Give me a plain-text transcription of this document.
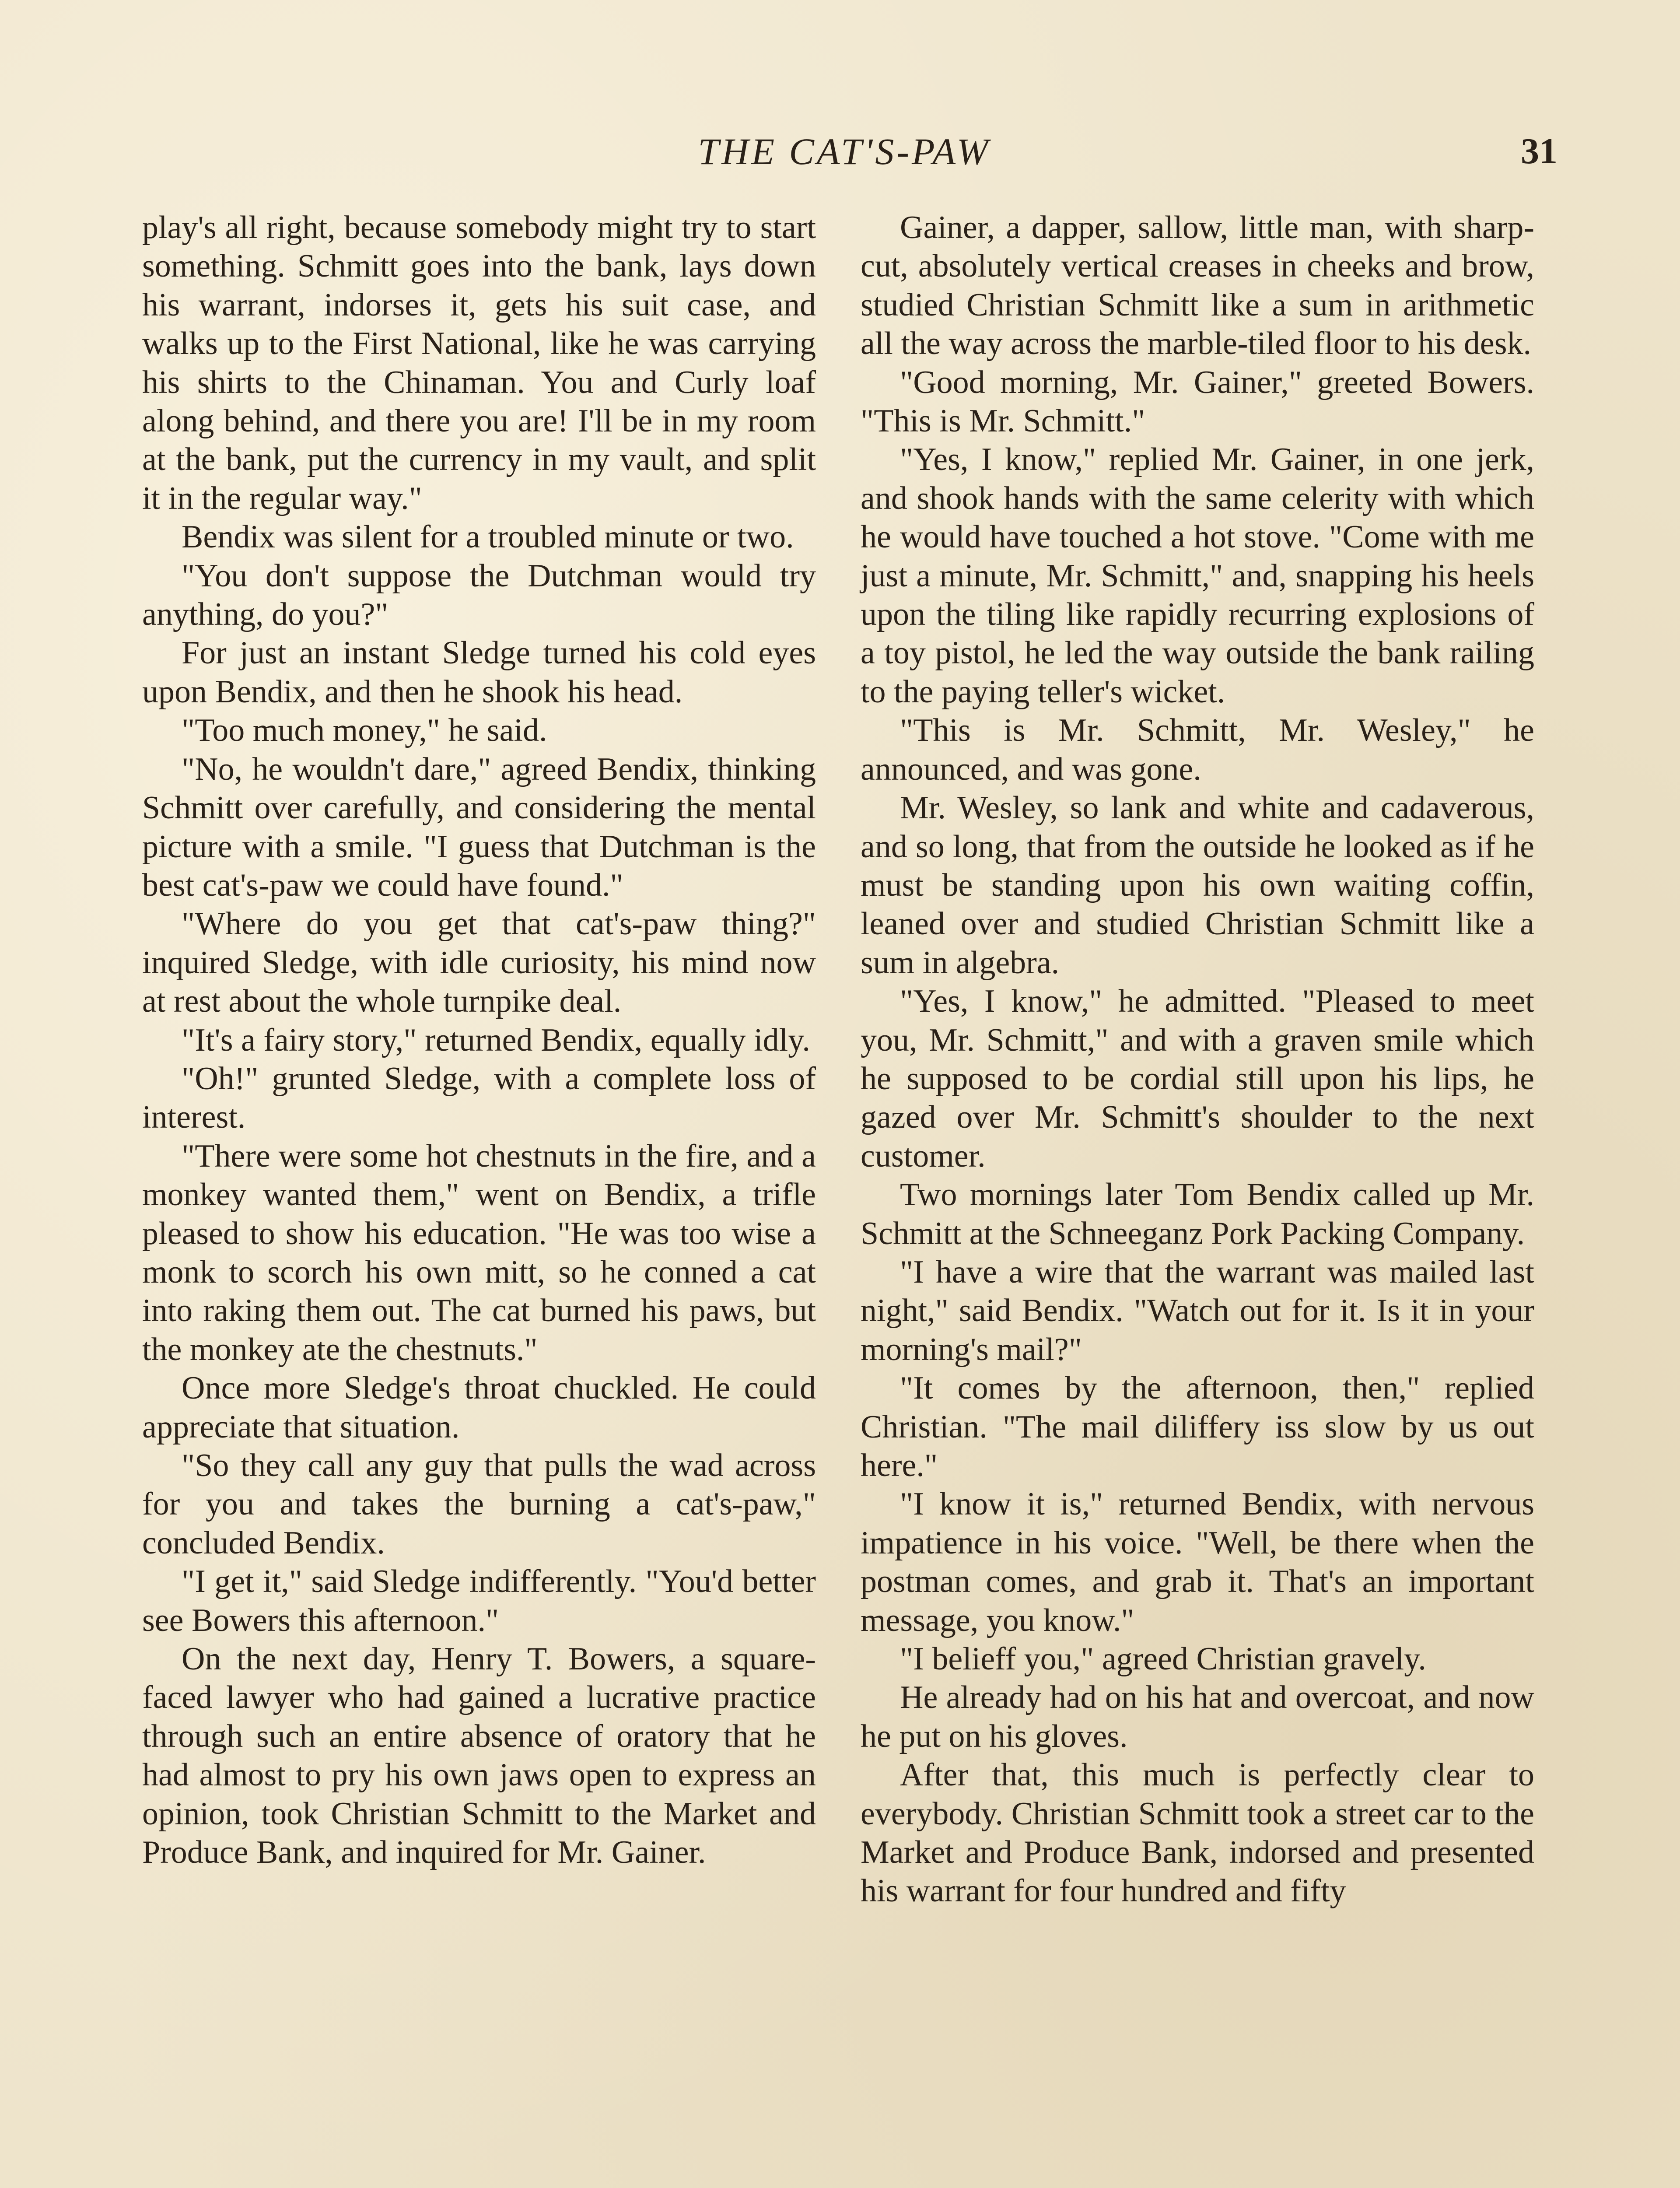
THE CAT'S-PAW	31

play's all right, because somebody might try to start something. Schmitt goes into the bank, lays down his warrant, indorses it, gets his suit case, and walks up to the First National, like he was carrying his shirts to the Chinaman. You and Curly loaf along behind, and there you are! I'll be in my room at the bank, put the currency in my vault, and split it in the regular way."

Bendix was silent for a troubled minute or two.

"You don't suppose the Dutchman would try anything, do you?"

For just an instant Sledge turned his cold eyes upon Bendix, and then he shook his head.

"Too much money," he said.

"No, he wouldn't dare," agreed Bendix, thinking Schmitt over carefully, and considering the mental picture with a smile. "I guess that Dutchman is the best cat's-paw we could have found."

"Where do you get that cat's-paw thing?" inquired Sledge, with idle curiosity, his mind now at rest about the whole turnpike deal.

"It's a fairy story," returned Bendix, equally idly.

"Oh!" grunted Sledge, with a complete loss of interest.

"There were some hot chestnuts in the fire, and a monkey wanted them," went on Bendix, a trifle pleased to show his education. "He was too wise a monk to scorch his own mitt, so he conned a cat into raking them out. The cat burned his paws, but the monkey ate the chestnuts."

Once more Sledge's throat chuckled. He could appreciate that situation.

"So they call any guy that pulls the wad across for you and takes the burning a cat's-paw," concluded Bendix.

"I get it," said Sledge indifferently. "You'd better see Bowers this afternoon."

On the next day, Henry T. Bowers, a square-faced lawyer who had gained a lucrative practice through such an entire absence of oratory that he had almost to pry his own jaws open to express an opinion, took Christian Schmitt to the Market and Produce Bank, and inquired for Mr. Gainer.

Gainer, a dapper, sallow, little man, with sharp-cut, absolutely vertical creases in cheeks and brow, studied Christian Schmitt like a sum in arithmetic all the way across the marble-tiled floor to his desk.

"Good morning, Mr. Gainer," greeted Bowers. "This is Mr. Schmitt."

"Yes, I know," replied Mr. Gainer, in one jerk, and shook hands with the same celerity with which he would have touched a hot stove. "Come with me just a minute, Mr. Schmitt," and, snapping his heels upon the tiling like rapidly recurring explosions of a toy pistol, he led the way outside the bank railing to the paying teller's wicket.

"This is Mr. Schmitt, Mr. Wesley," he announced, and was gone.

Mr. Wesley, so lank and white and cadaverous, and so long, that from the outside he looked as if he must be standing upon his own waiting coffin, leaned over and studied Christian Schmitt like a sum in algebra.

"Yes, I know," he admitted. "Pleased to meet you, Mr. Schmitt," and with a graven smile which he supposed to be cordial still upon his lips, he gazed over Mr. Schmitt's shoulder to the next customer.

Two mornings later Tom Bendix called up Mr. Schmitt at the Schneeganz Pork Packing Company.

"I have a wire that the warrant was mailed last night," said Bendix. "Watch out for it. Is it in your morning's mail?"

"It comes by the afternoon, then," replied Christian. "The mail diliffery iss slow by us out here."

"I know it is," returned Bendix, with nervous impatience in his voice. "Well, be there when the postman comes, and grab it. That's an important message, you know."

"I belieff you," agreed Christian gravely.

He already had on his hat and overcoat, and now he put on his gloves.

After that, this much is perfectly clear to everybody. Christian Schmitt took a street car to the Market and Produce Bank, indorsed and presented his warrant for four hundred and fifty
